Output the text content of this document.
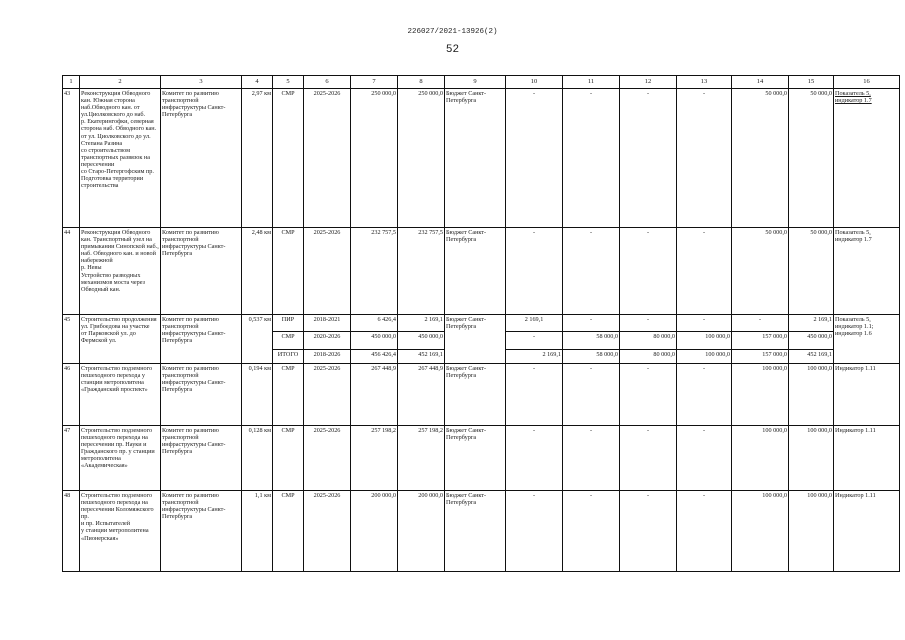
226027/2021-13926(2)
52
1	2	3	4	5	6	7	8	9	10	11	12	13	14	15	16
43	Реконструкция Обводного кан. Южная сторона наб.Обводного кан. от ул.Циолковского до наб.
р. Екатерингофки, северная сторона наб. Обводного кан. от ул. Циолковского до ул. Степана Разина
со строительством транспортных развязок на пересечении
со Старо-Петергофским пр. Подготовка территории строительства	Комитет по развитию транспортной инфраструктуры Санкт-Петербурга	2,97 км	СМР	2025-2026	250 000,0	250 000,0	Бюджет Санкт-Петербурга	-	-	-	-	50 000,0	50 000,0	Показатель 5, индикатор 1.7
44	Реконструкция Обводного кан. Транспортный узел на примыкании Синопской наб.,
наб. Обводного кан. и новой набережной
р. Невы
Устройство разводных механизмов моста через Обводный кан.	Комитет по развитию транспортной инфраструктуры Санкт-Петербурга	2,48 км	СМР	2025-2026	232 757,5	232 757,5	Бюджет Санкт-Петербурга	-	-	-	-	50 000,0	50 000,0	Показатель 5, индикатор 1.7
45	Строительство продолжения ул. Грибоедова на участке
от Парковской ул. до Фермской ул.	Комитет по развитию транспортной инфраструктуры Санкт-Петербурга	0,537 км	ПИР	2018-2021	6 426,4	2 169,1	Бюджет Санкт-Петербурга	2 169,1	-	-	-	-	2 169,1	Показатель 5, индикатор 1.1; индикатор 1.6
				СМР	2020-2026	450 000,0	450 000,0		-	58 000,0	80 000,0	100 000,0	157 000,0	450 000,0	
				ИТОГО	2018-2026	456 426,4	452 169,1		2 169,1	58 000,0	80 000,0	100 000,0	157 000,0	452 169,1	
46	Строительство подземного пешеходного перехода у станции метрополитена «Гражданский проспект»	Комитет по развитию транспортной инфраструктуры Санкт-Петербурга	0,194 км	СМР	2025-2026	267 448,9	267 448,9	Бюджет Санкт-Петербурга	-	-	-	-	100 000,0	100 000,0	Индикатор 1.11
47	Строительство подземного пешеходного перехода на пересечении пр. Науки и Гражданского пр. у станции метрополитена «Академическая»	Комитет по развитию транспортной инфраструктуры Санкт-Петербурга	0,128 км	СМР	2025-2026	257 198,2	257 198,2	Бюджет Санкт-Петербурга	-	-	-	-	100 000,0	100 000,0	Индикатор 1.11
48	Строительство подземного пешеходного перехода на пересечении Коломяжского пр.
и пр. Испытателей
у станции метрополитена «Пионерская»	Комитет по развитию транспортной инфраструктуры Санкт-Петербурга	1,1 км	СМР	2025-2026	200 000,0	200 000,0	Бюджет Санкт-Петербурга	-	-	-	-	100 000,0	100 000,0	Индикатор 1.11
